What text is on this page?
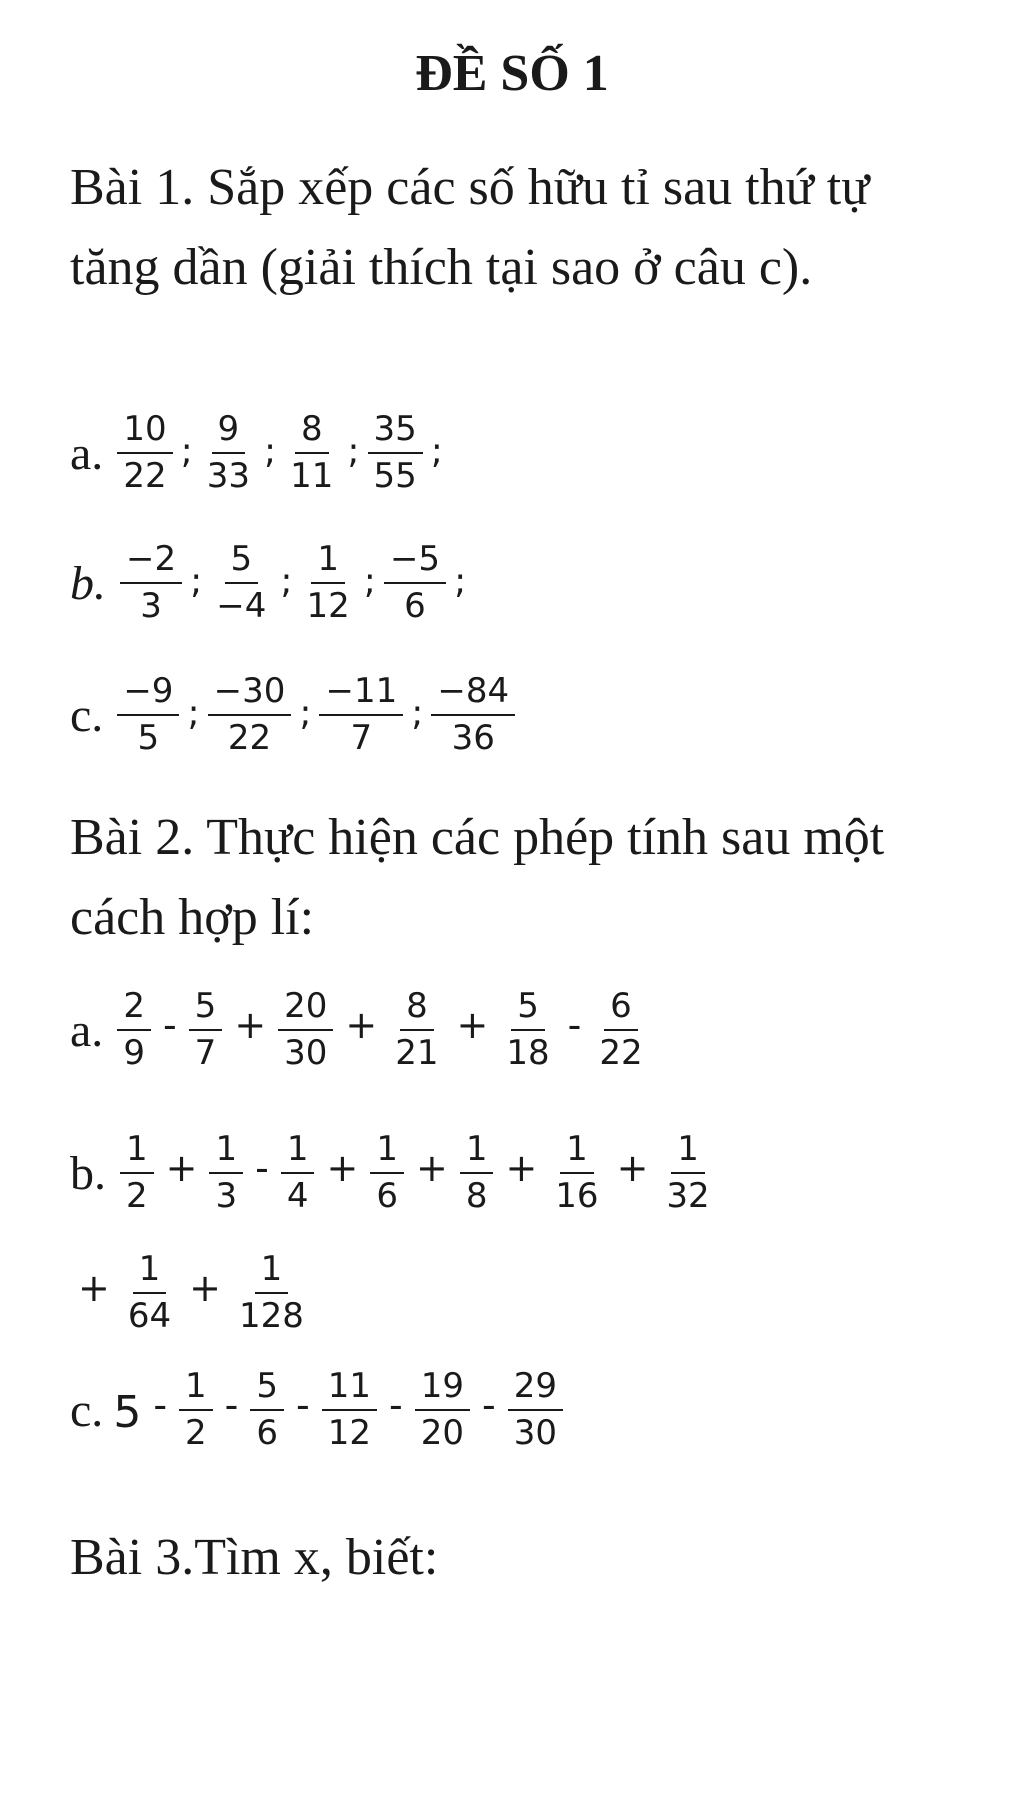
ĐỀ SỐ 1
Bài 1. Sắp xếp các số hữu tỉ sau thứ tự tăng dần (giải thích tại sao ở câu c).
a. $\frac{10}{22}$ ; $\frac{9}{33}$ ; $\frac{8}{11}$ ; $\frac{35}{55}$ ;
b. $\frac{-2}{3}$ ; $\frac{5}{-4}$ ; $\frac{1}{12}$ ; $\frac{-5}{6}$ ;
c. $\frac{-9}{5}$ ; $\frac{-30}{22}$ ; $\frac{-11}{7}$ ; $\frac{-84}{36}$
Bài 2. Thực hiện các phép tính sau một cách hợp lí:
a. $\frac{2}{9} - \frac{5}{7} + \frac{20}{30} + \frac{8}{21} + \frac{5}{18} - \frac{6}{22}$
b. $\frac{1}{2} + \frac{1}{3} - \frac{1}{4} + \frac{1}{6} + \frac{1}{8} + \frac{1}{16} + \frac{1}{32}$
+ $\frac{1}{64} + \frac{1}{128}$
c. $5 - \frac{1}{2} - \frac{5}{6} - \frac{11}{12} - \frac{19}{20} - \frac{29}{30}$
Bài 3.Tìm x, biết:
